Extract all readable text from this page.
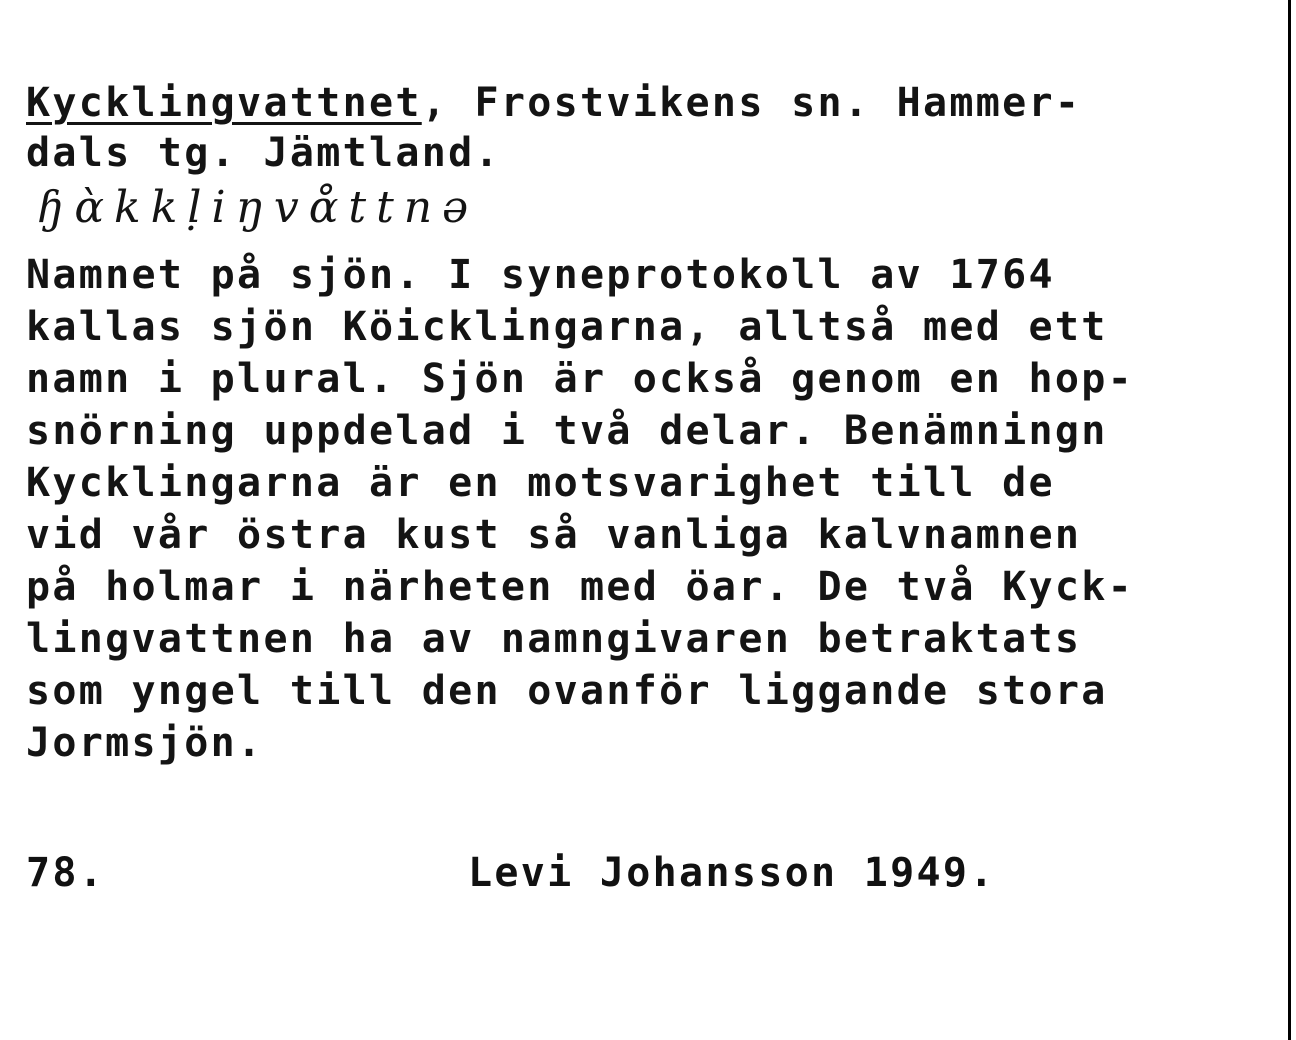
Kycklingvattnet, Frostvikens sn. Hammer-
dals tg. Jämtland.
ɧɑ̀kkḷiŋvɑ̊ttnə
Namnet på sjön. I syneprotokoll av 1764
kallas sjön Köicklingarna, alltså med ett
namn i plural. Sjön är också genom en hop-
snörning uppdelad i två delar. Benämningn
Kycklingarna är en motsvarighet till de
vid vår östra kust så vanliga kalvnamnen
på holmar i närheten med öar. De två Kyck-
lingvattnen ha av namngivaren betraktats
som yngel till den ovanför liggande stora
Jormsjön.
78.	Levi Johansson 1949.
